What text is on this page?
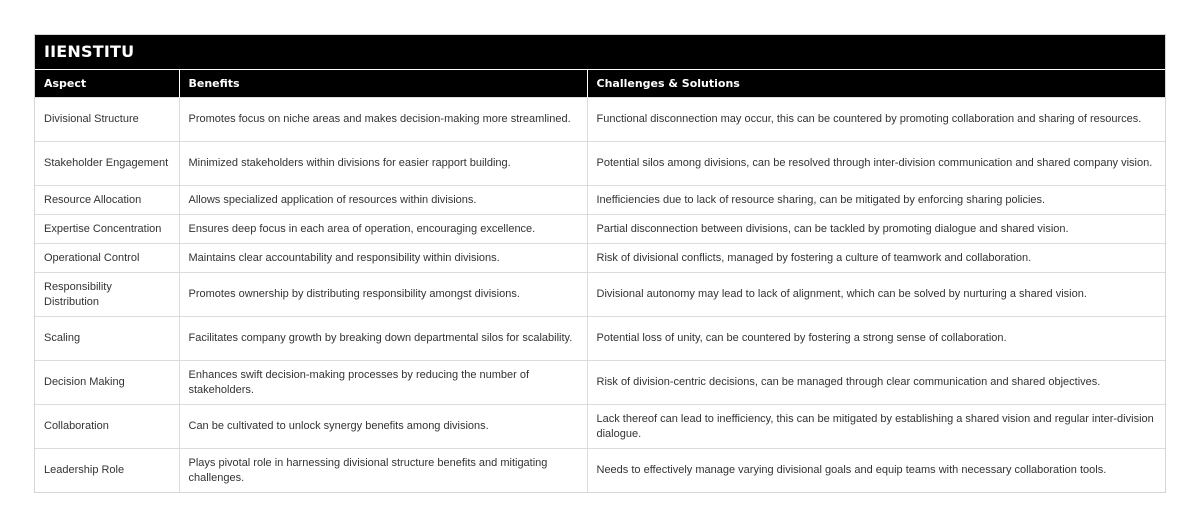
IIENSTITU
Aspect	Benefits	Challenges & Solutions
Divisional Structure	Promotes focus on niche areas and makes decision-making more streamlined.	Functional disconnection may occur, this can be countered by promoting collaboration and sharing of resources.
Stakeholder Engagement	Minimized stakeholders within divisions for easier rapport building.	Potential silos among divisions, can be resolved through inter-division communication and shared company vision.
Resource Allocation	Allows specialized application of resources within divisions.	Inefficiencies due to lack of resource sharing, can be mitigated by enforcing sharing policies.
Expertise Concentration	Ensures deep focus in each area of operation, encouraging excellence.	Partial disconnection between divisions, can be tackled by promoting dialogue and shared vision.
Operational Control	Maintains clear accountability and responsibility within divisions.	Risk of divisional conflicts, managed by fostering a culture of teamwork and collaboration.
Responsibility Distribution	Promotes ownership by distributing responsibility amongst divisions.	Divisional autonomy may lead to lack of alignment, which can be solved by nurturing a shared vision.
Scaling	Facilitates company growth by breaking down departmental silos for scalability.	Potential loss of unity, can be countered by fostering a strong sense of collaboration.
Decision Making	Enhances swift decision-making processes by reducing the number of stakeholders.	Risk of division-centric decisions, can be managed through clear communication and shared objectives.
Collaboration	Can be cultivated to unlock synergy benefits among divisions.	Lack thereof can lead to inefficiency, this can be mitigated by establishing a shared vision and regular inter-division dialogue.
Leadership Role	Plays pivotal role in harnessing divisional structure benefits and mitigating challenges.	Needs to effectively manage varying divisional goals and equip teams with necessary collaboration tools.
